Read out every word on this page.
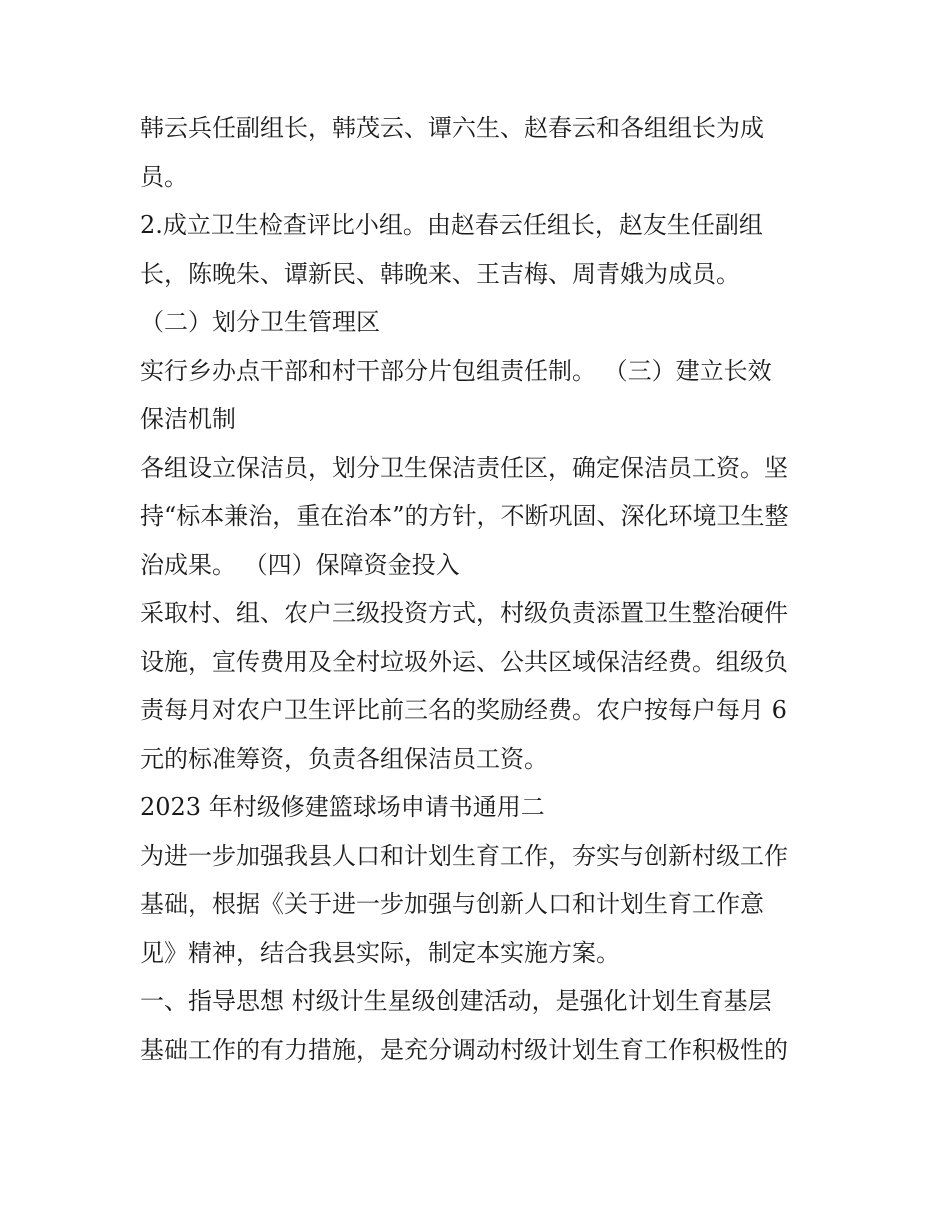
韩云兵任副组长，韩茂云、谭六生、赵春云和各组组长为成
员。
2.成立卫生检查评比小组。由赵春云任组长，赵友生任副组
长，陈晚朱、谭新民、韩晚来、王吉梅、周青娥为成员。
（二）划分卫生管理区
实行乡办点干部和村干部分片包组责任制。 （三）建立长效
保洁机制
各组设立保洁员，划分卫生保洁责任区，确定保洁员工资。坚
持“标本兼治，重在治本”的方针，不断巩固、深化环境卫生整
治成果。 （四）保障资金投入
采取村、组、农户三级投资方式，村级负责添置卫生整治硬件
设施，宣传费用及全村垃圾外运、公共区域保洁经费。组级负
责每月对农户卫生评比前三名的奖励经费。农户按每户每月 6
元的标准筹资，负责各组保洁员工资。
2023 年村级修建篮球场申请书通用二
为进一步加强我县人口和计划生育工作，夯实与创新村级工作
基础，根据《关于进一步加强与创新人口和计划生育工作意
见》精神，结合我县实际，制定本实施方案。
一、指导思想 村级计生星级创建活动，是强化计划生育基层
基础工作的有力措施，是充分调动村级计划生育工作积极性的
